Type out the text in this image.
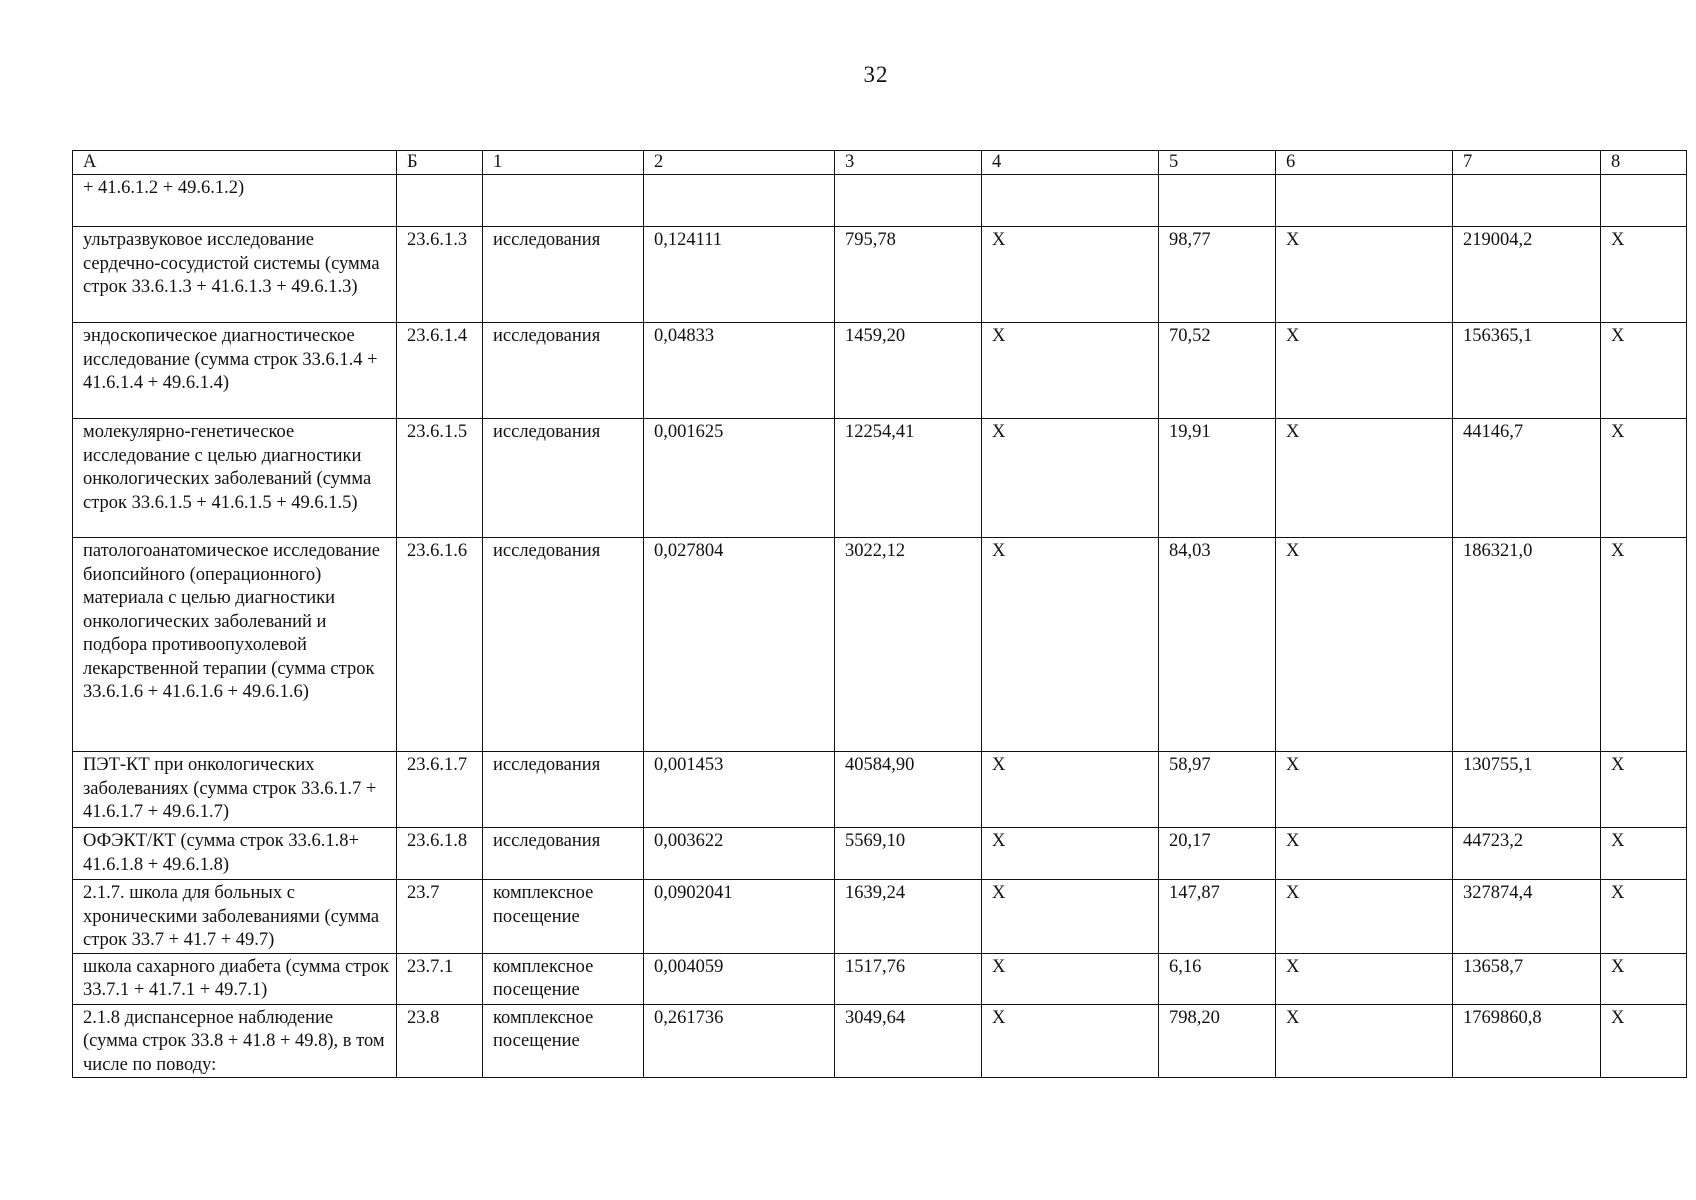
32
А	Б	1	2	3	4	5	6	7	8
+ 41.6.1.2 + 49.6.1.2)									
ультразвуковое исследование сердечно-сосудистой системы (сумма строк 33.6.1.3 + 41.6.1.3 + 49.6.1.3)	23.6.1.3	исследования	0,124111	795,78	X	98,77	X	219004,2	X
эндоскопическое диагностическое исследование (сумма строк 33.6.1.4 + 41.6.1.4 + 49.6.1.4)	23.6.1.4	исследования	0,04833	1459,20	X	70,52	X	156365,1	X
молекулярно-генетическое исследование с целью диагностики онкологических заболеваний (сумма строк 33.6.1.5 + 41.6.1.5 + 49.6.1.5)	23.6.1.5	исследования	0,001625	12254,41	X	19,91	X	44146,7	X
патологоанатомическое исследование биопсийного (операционного) материала с целью диагностики онкологических заболеваний и подбора противоопухолевой лекарственной терапии (сумма строк 33.6.1.6 + 41.6.1.6 + 49.6.1.6)	23.6.1.6	исследования	0,027804	3022,12	X	84,03	X	186321,0	X
ПЭТ-КТ при онкологических заболеваниях (сумма строк 33.6.1.7 + 41.6.1.7 + 49.6.1.7)	23.6.1.7	исследования	0,001453	40584,90	X	58,97	X	130755,1	X
ОФЭКТ/КТ (сумма строк 33.6.1.8+ 41.6.1.8 + 49.6.1.8)	23.6.1.8	исследования	0,003622	5569,10	X	20,17	X	44723,2	X
2.1.7. школа для больных с хроническими заболеваниями (сумма строк 33.7 + 41.7 + 49.7)	23.7	комплексное посещение	0,0902041	1639,24	X	147,87	X	327874,4	X
школа сахарного диабета (сумма строк 33.7.1 + 41.7.1 + 49.7.1)	23.7.1	комплексное посещение	0,004059	1517,76	X	6,16	X	13658,7	X
2.1.8 диспансерное наблюдение (сумма строк 33.8 + 41.8 + 49.8), в том числе по поводу:	23.8	комплексное посещение	0,261736	3049,64	X	798,20	X	1769860,8	X
